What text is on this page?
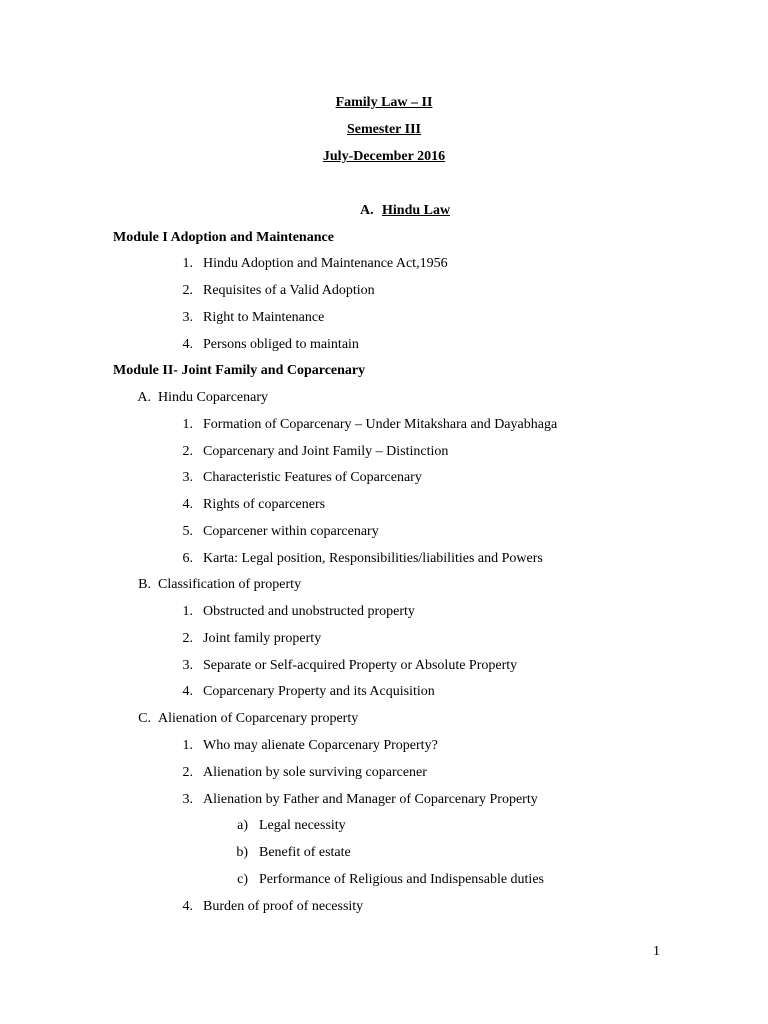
Family Law – II
Semester III
July-December 2016
A. Hindu Law
Module I Adoption and Maintenance
1. Hindu Adoption and Maintenance Act,1956
2. Requisites of a Valid Adoption
3. Right to Maintenance
4. Persons obliged to maintain
Module II- Joint Family and Coparcenary
A. Hindu Coparcenary
1. Formation of Coparcenary – Under Mitakshara and Dayabhaga
2. Coparcenary and Joint Family – Distinction
3. Characteristic Features of Coparcenary
4. Rights of coparceners
5. Coparcener within coparcenary
6. Karta: Legal position, Responsibilities/liabilities and Powers
B. Classification of property
1. Obstructed and unobstructed property
2. Joint family property
3. Separate or Self-acquired Property or Absolute Property
4. Coparcenary Property and its Acquisition
C. Alienation of Coparcenary property
1. Who may alienate Coparcenary Property?
2. Alienation by sole surviving coparcener
3. Alienation by Father and Manager of Coparcenary Property
a) Legal necessity
b) Benefit of estate
c) Performance of Religious and Indispensable duties
4. Burden of proof of necessity
1
